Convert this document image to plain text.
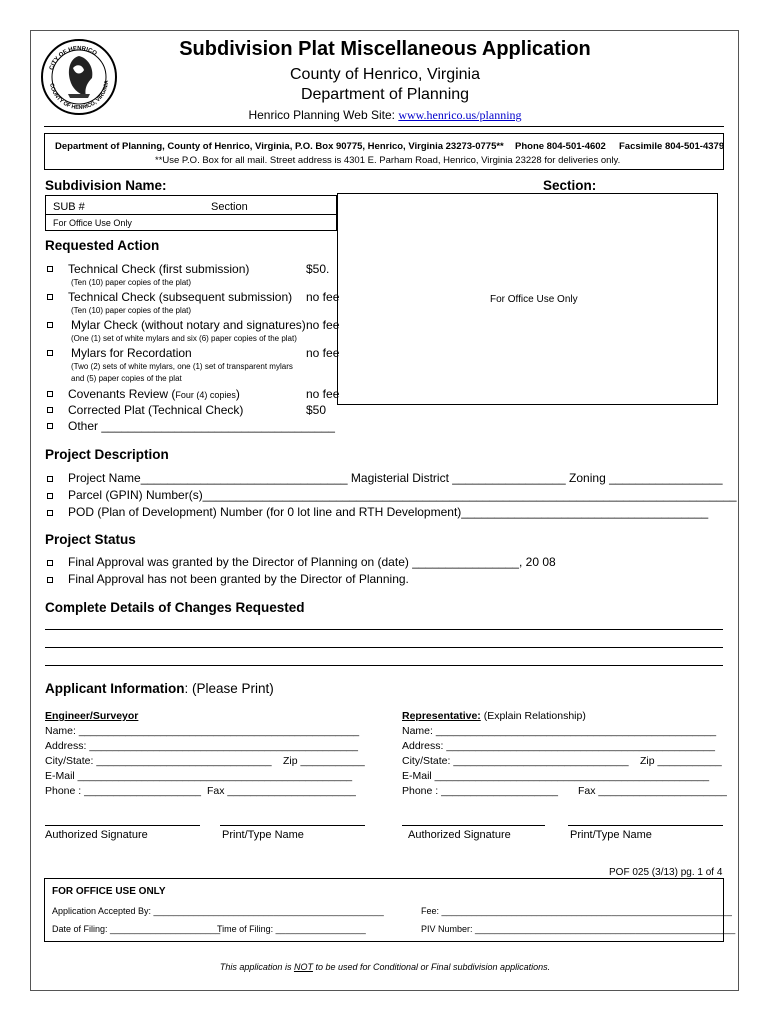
CITY OF HENRICO
COUNTY OF HENRICO, VIRGINIA
Subdivision Plat Miscellaneous Application
County of Henrico, Virginia
Department of Planning
Henrico Planning Web Site: www.henrico.us/planning
Department of Planning, County of Henrico, Virginia, P.O. Box 90775, Henrico, Virginia 23273-0775** Phone 804-501-4602 Facsimile 804-501-4379
**Use P.O. Box for all mail. Street address is 4301 E. Parham Road, Henrico, Virginia 23228 for deliveries only.
Subdivision Name:	Section:
SUB #	Section
For Office Use Only
For Office Use Only
Requested Action
Technical Check (first submission)	$50.
(Ten (10) paper copies of the plat)
Technical Check (subsequent submission) no fee
(Ten (10) paper copies of the plat)
Mylar Check (without notary and signatures) no fee
(One (1) set of white mylars and six (6) paper copies of the plat)
Mylars for Recordation	no fee
(Two (2) sets of white mylars, one (1) set of transparent mylars
and (5) paper copies of the plat
Covenants Review (Four (4) copies)	no fee
Corrected Plat (Technical Check)	$50
Other ___________________________________
Project Description
Project Name_______________________________ Magisterial District _________________ Zoning _________________
Parcel (GPIN) Number(s)________________________________________________________________________________
POD (Plan of Development) Number (for 0 lot line and RTH Development)_____________________________________
Project Status
Final Approval was granted by the Director of Planning on (date) ________________, 20 08
Final Approval has not been granted by the Director of Planning.
Complete Details of Changes Requested
Applicant Information: (Please Print)
Engineer/Surveyor
Name: ________________________________________________
Address: ______________________________________________
City/State: ______________________________ Zip ___________
E-Mail _______________________________________________
Phone : ____________________ Fax ______________________
Representative: (Explain Relationship)
Name: ________________________________________________
Address: ______________________________________________
City/State: ______________________________ Zip ___________
E-Mail _______________________________________________
Phone : ____________________ Fax ______________________
Authorized Signature	Print/Type Name	Authorized Signature	Print/Type Name
POF 025 (3/13) pg. 1 of 4
FOR OFFICE USE ONLY
Application Accepted By: ______________________________________________	Fee: __________________________________________________________
Date of Filing: ______________________
Time of Filing: __________________	PIV Number: ____________________________________________________
This application is NOT to be used for Conditional or Final subdivision applications.
